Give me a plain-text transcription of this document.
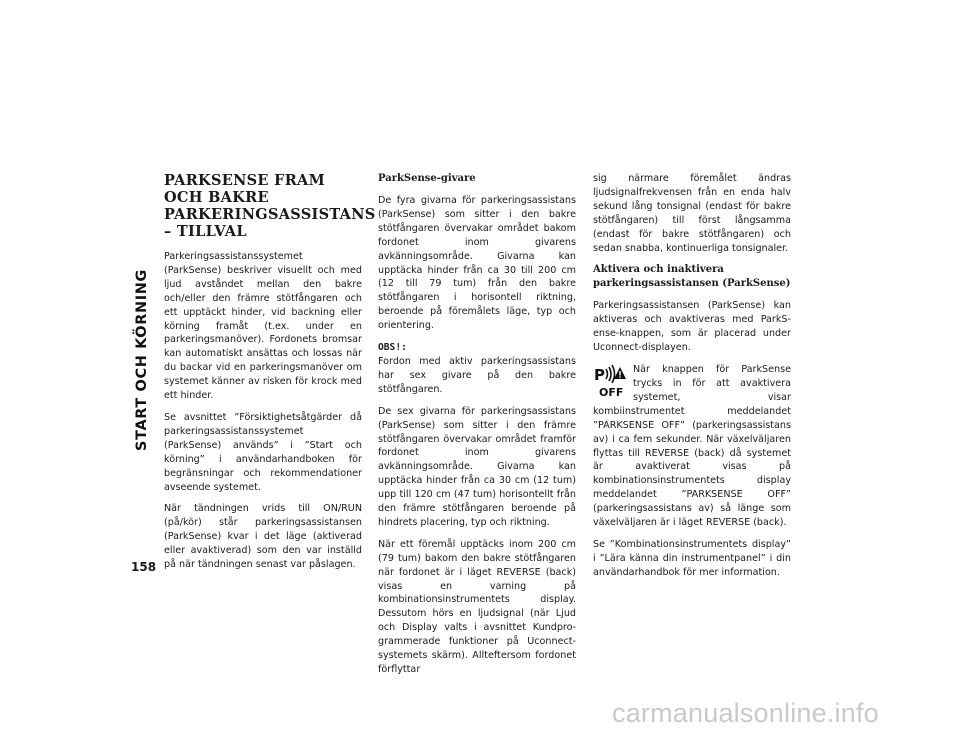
START OCH KÖRNING
158
PARKSENSE FRAM OCH BAKRE PARKERINGSASSISTANS – TILLVAL

Parkeringsassistanssystemet (ParkSense) beskriver visuellt och med ljud avståndet mellan den bakre och/eller den främre stötfångaren och ett upptäckt hinder, vid backning eller körning framåt (t.ex. under en parkeringsmanöver). Fordonets bromsar kan automatiskt ansättas och lossas när du backar vid en parkeringsmanöver om systemet känner av risken för krock med ett hinder.

Se avsnittet ”Försiktighetsåtgärder då parkeringsassistanssystemet (ParkSense) används” i ”Start och körning” i användarhandboken för begränsningar och rekommendationer avseende systemet.

När tändningen vrids till ON/RUN (på/kör) står parkeringsassistansen (ParkSense) kvar i det läge (aktiverad eller avaktiverad) som den var inställd på när tändningen senast var påslagen.

ParkSense-givare

De fyra givarna för parkeringsassistans (ParkSense) som sitter i den bakre stötfångaren övervakar området bakom fordonet inom givarens avkänningsområde. Givarna kan upptäcka hinder från ca 30 till 200 cm (12 till 79 tum) från den bakre stötfångaren i horisontell riktning, beroende på föremålets läge, typ och orientering.

OBS!:
Fordon med aktiv parkeringsassistans har sex givare på den bakre stötfångaren.

De sex givarna för parkeringsassistans (ParkSense) som sitter i den främre stötfångaren övervakar området framför fordonet inom givarens avkänningsområde. Givarna kan upptäcka hinder från ca 30 cm (12 tum) upp till 120 cm (47 tum) horisontellt från den främre stötfångaren beroende på hindrets placering, typ och riktning.

När ett föremål upptäcks inom 200 cm (79 tum) bakom den bakre stötfångaren när fordonet är i läget REVERSE (back) visas en varning på kombinationsinstrumentets display. Dessutom hörs en ljudsignal (när Ljud och Display valts i avsnittet Kundprogrammerade funktioner på Uconnect-systemets skärm). Allteftersom fordonet förflyttar

sig närmare föremålet ändras ljudsignalfrekvensen från en enda halv sekund lång tonsignal (endast för bakre stötfångaren) till först långsamma (endast för bakre stötfångaren) och sedan snabba, kontinuerliga tonsignaler.

Aktivera och inaktivera parkeringsassistansen (ParkSense)

Parkeringsassistansen (ParkSense) kan aktiveras och avaktiveras med ParkSense-knappen, som är placerad under Uconnect-displayen.

P
OFF
När knappen för ParkSense trycks in för att avaktivera systemet, visar kombiinstrumentet meddelandet ”PARKSENSE OFF” (parkeringsassistans av) i ca fem sekunder. När växelväljaren flyttas till REVERSE (back) då systemet är avaktiverat visas på kombinationsinstrumentets display meddelandet ”PARKSENSE OFF” (parkeringsassistans av) så länge som växelväljaren är i läget REVERSE (back).

Se ”Kombinationsinstrumentets display” i ”Lära känna din instrumentpanel” i din användarhandbok för mer information.

carmanualsonline.info
